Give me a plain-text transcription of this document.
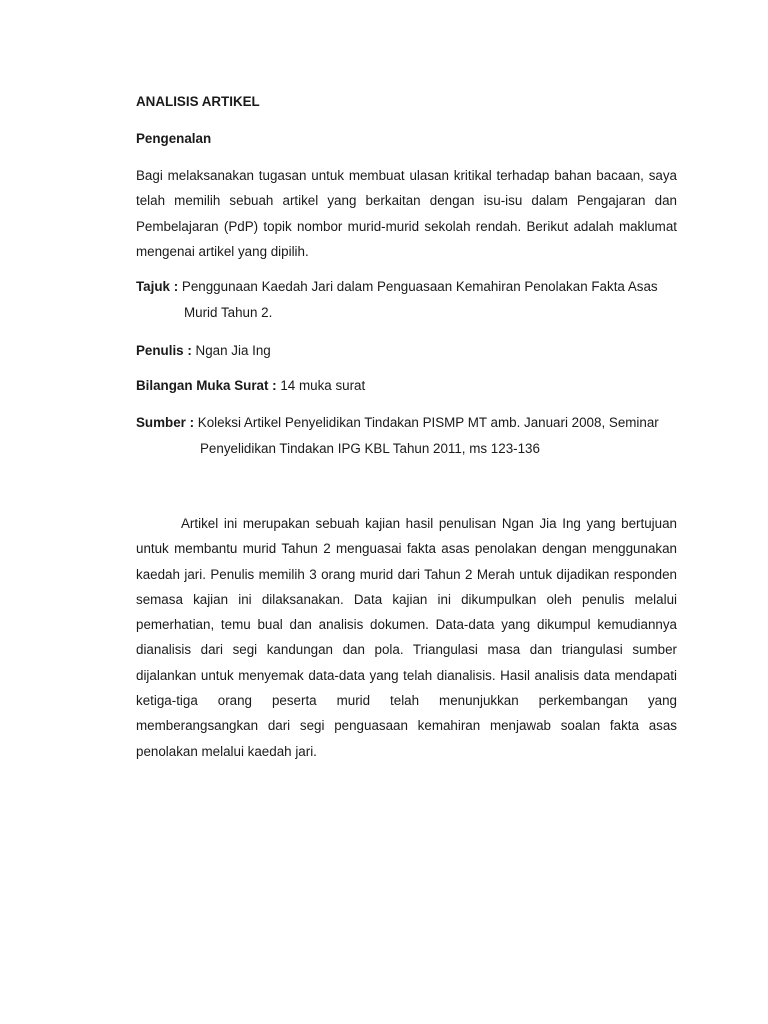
ANALISIS ARTIKEL
Pengenalan

Bagi melaksanakan tugasan untuk membuat ulasan kritikal terhadap bahan bacaan, saya telah memilih sebuah artikel yang berkaitan dengan isu-isu dalam Pengajaran dan Pembelajaran (PdP) topik nombor murid-murid sekolah rendah. Berikut adalah maklumat mengenai artikel yang dipilih.

Tajuk : Penggunaan Kaedah Jari dalam Penguasaan Kemahiran Penolakan Fakta Asas
Murid Tahun 2.
Penulis : Ngan Jia Ing
Bilangan Muka Surat : 14 muka surat
Sumber : Koleksi Artikel Penyelidikan Tindakan PISMP MT amb. Januari 2008, Seminar
Penyelidikan Tindakan IPG KBL Tahun 2011, ms 123-136

Artikel ini merupakan sebuah kajian hasil penulisan Ngan Jia Ing yang bertujuan untuk membantu murid Tahun 2 menguasai fakta asas penolakan dengan menggunakan kaedah jari. Penulis memilih 3 orang murid dari Tahun 2 Merah untuk dijadikan responden semasa kajian ini dilaksanakan. Data kajian ini dikumpulkan oleh penulis melalui pemerhatian, temu bual dan analisis dokumen. Data-data yang dikumpul kemudiannya dianalisis dari segi kandungan dan pola. Triangulasi masa dan triangulasi sumber dijalankan untuk menyemak data-data yang telah dianalisis. Hasil analisis data mendapati ketiga-tiga orang peserta murid telah menunjukkan perkembangan yang memberangsangkan dari segi penguasaan kemahiran menjawab soalan fakta asas penolakan melalui kaedah jari.
